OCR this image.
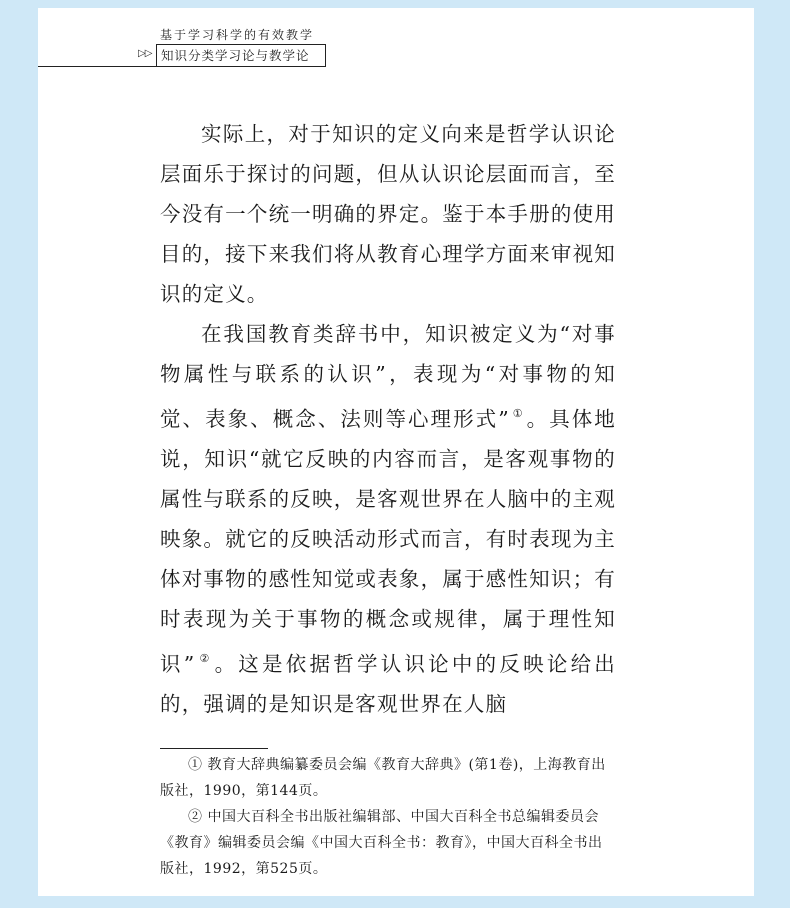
基于学习科学的有效教学
▷▷ 知识分类学习论与教学论

实际上，对于知识的定义向来是哲学认识论层面乐于探讨的问题，但从认识论层面而言，至今没有一个统一明确的界定。鉴于本手册的使用目的，接下来我们将从教育心理学方面来审视知识的定义。

在我国教育类辞书中，知识被定义为“对事物属性与联系的认识”，表现为“对事物的知觉、表象、概念、法则等心理形式” ①。具体地说，知识“就它反映的内容而言，是客观事物的属性与联系的反映，是客观世界在人脑中的主观映象。就它的反映活动形式而言，有时表现为主体对事物的感性知觉或表象，属于感性知识；有时表现为关于事物的概念或规律，属于理性知识” ②。这是依据哲学认识论中的反映论给出的，强调的是知识是客观世界在人脑

① 教育大辞典编纂委员会编《教育大辞典》(第1卷)，上海教育出版社，1990，第144页。

② 中国大百科全书出版社编辑部、中国大百科全书总编辑委员会《教育》编辑委员会编《中国大百科全书：教育》，中国大百科全书出版社，1992，第525页。
